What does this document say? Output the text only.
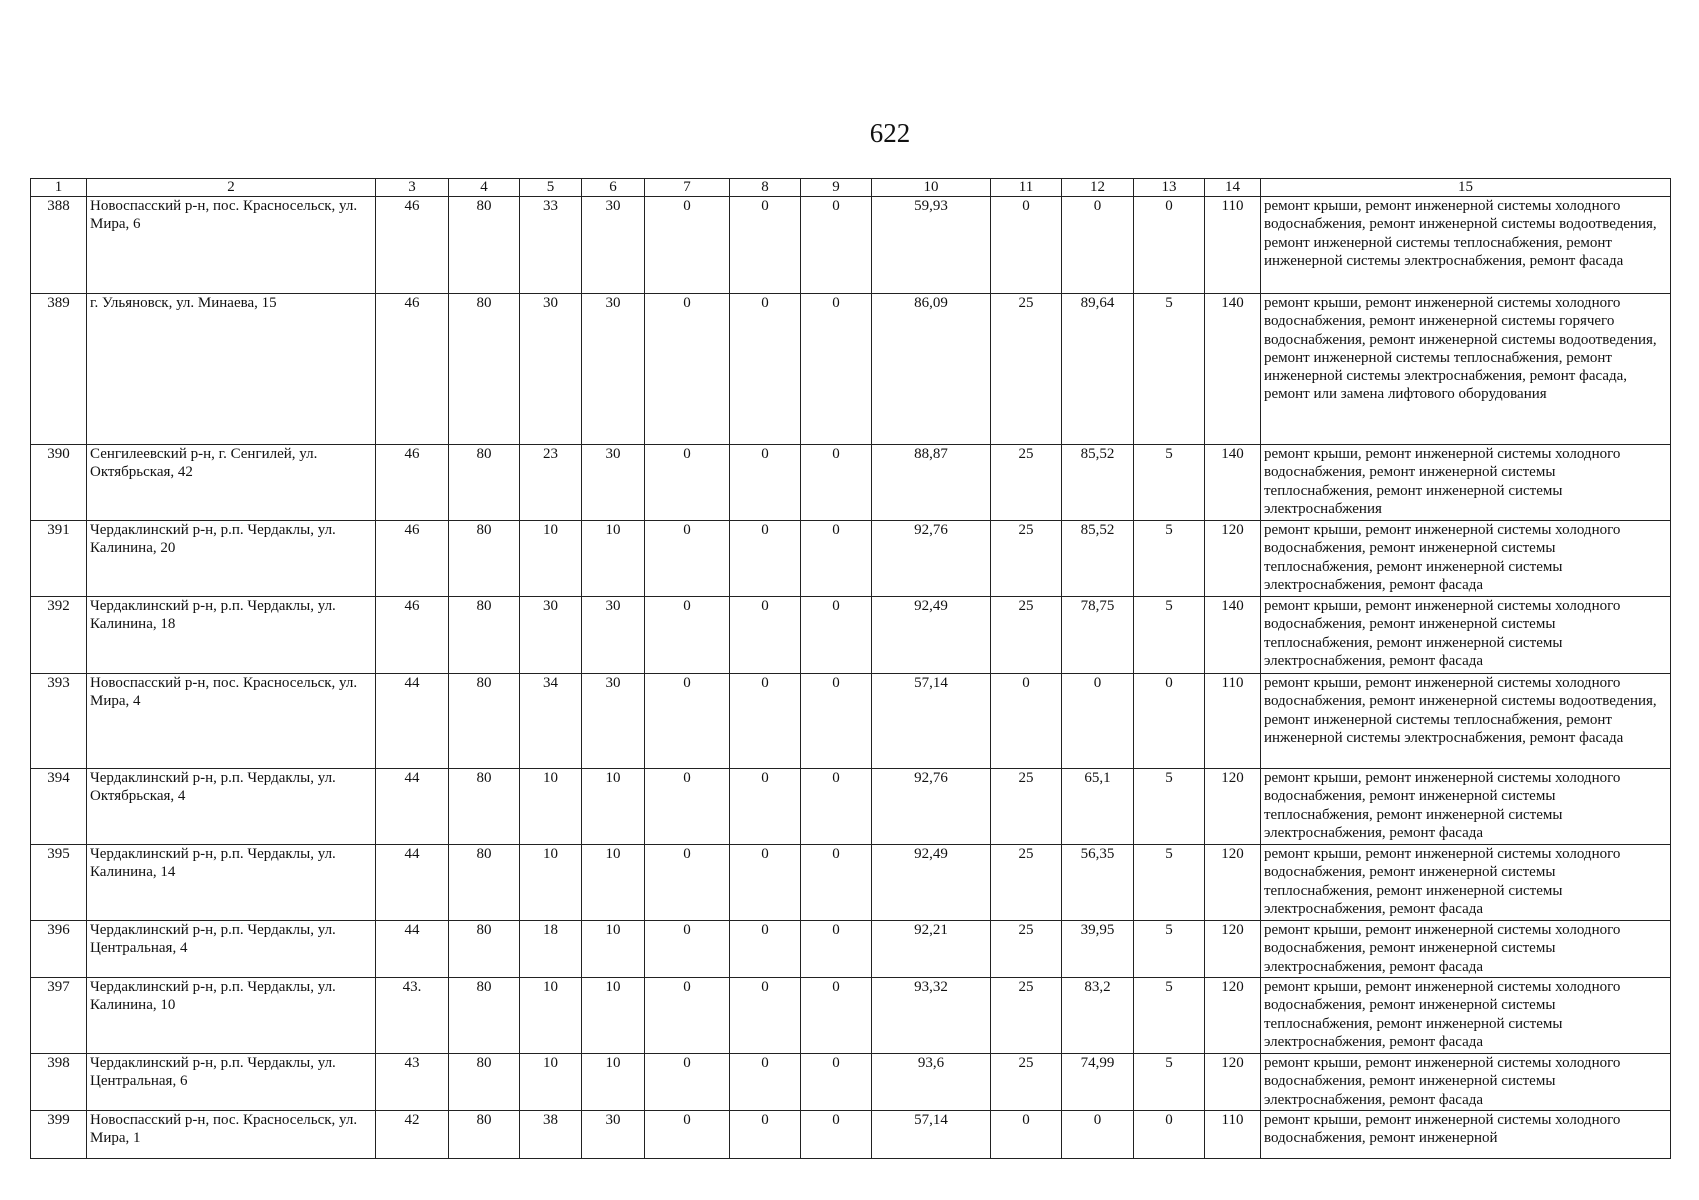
622
1	2	3	4	5	6	7	8	9	10	11	12	13	14	15
388	Новоспасский р-н, пос. Красносельск, ул. Мира, 6	46	80	33	30	0	0	0	59,93	0	0	0	110	ремонт крыши, ремонт инженерной системы холодного водоснабжения, ремонт инженерной системы водоотведения, ремонт инженерной системы теплоснабжения, ремонт инженерной системы электроснабжения, ремонт фасада
389	г. Ульяновск, ул. Минаева, 15	46	80	30	30	0	0	0	86,09	25	89,64	5	140	ремонт крыши, ремонт инженерной системы холодного водоснабжения, ремонт инженерной системы горячего водоснабжения, ремонт инженерной системы водоотведения, ремонт инженерной системы теплоснабжения, ремонт инженерной системы электроснабжения, ремонт фасада, ремонт или замена лифтового оборудования
390	Сенгилеевский р-н, г. Сенгилей, ул. Октябрьская, 42	46	80	23	30	0	0	0	88,87	25	85,52	5	140	ремонт крыши, ремонт инженерной системы холодного водоснабжения, ремонт инженерной системы теплоснабжения, ремонт инженерной системы электроснабжения
391	Чердаклинский р-н, р.п. Чердаклы, ул. Калинина, 20	46	80	10	10	0	0	0	92,76	25	85,52	5	120	ремонт крыши, ремонт инженерной системы холодного водоснабжения, ремонт инженерной системы теплоснабжения, ремонт инженерной системы электроснабжения, ремонт фасада
392	Чердаклинский р-н, р.п. Чердаклы, ул. Калинина, 18	46	80	30	30	0	0	0	92,49	25	78,75	5	140	ремонт крыши, ремонт инженерной системы холодного водоснабжения, ремонт инженерной системы теплоснабжения, ремонт инженерной системы электроснабжения, ремонт фасада
393	Новоспасский р-н, пос. Красносельск, ул. Мира, 4	44	80	34	30	0	0	0	57,14	0	0	0	110	ремонт крыши, ремонт инженерной системы холодного водоснабжения, ремонт инженерной системы водоотведения, ремонт инженерной системы теплоснабжения, ремонт инженерной системы электроснабжения, ремонт фасада
394	Чердаклинский р-н, р.п. Чердаклы, ул. Октябрьская, 4	44	80	10	10	0	0	0	92,76	25	65,1	5	120	ремонт крыши, ремонт инженерной системы холодного водоснабжения, ремонт инженерной системы теплоснабжения, ремонт инженерной системы электроснабжения, ремонт фасада
395	Чердаклинский р-н, р.п. Чердаклы, ул. Калинина, 14	44	80	10	10	0	0	0	92,49	25	56,35	5	120	ремонт крыши, ремонт инженерной системы холодного водоснабжения, ремонт инженерной системы теплоснабжения, ремонт инженерной системы электроснабжения, ремонт фасада
396	Чердаклинский р-н, р.п. Чердаклы, ул. Центральная, 4	44	80	18	10	0	0	0	92,21	25	39,95	5	120	ремонт крыши, ремонт инженерной системы холодного водоснабжения, ремонт инженерной системы электроснабжения, ремонт фасада
397	Чердаклинский р-н, р.п. Чердаклы, ул. Калинина, 10	43.	80	10	10	0	0	0	93,32	25	83,2	5	120	ремонт крыши, ремонт инженерной системы холодного водоснабжения, ремонт инженерной системы теплоснабжения, ремонт инженерной системы электроснабжения, ремонт фасада
398	Чердаклинский р-н, р.п. Чердаклы, ул. Центральная, 6	43	80	10	10	0	0	0	93,6	25	74,99	5	120	ремонт крыши, ремонт инженерной системы холодного водоснабжения, ремонт инженерной системы электроснабжения, ремонт фасада
399	Новоспасский р-н, пос. Красносельск, ул. Мира, 1	42	80	38	30	0	0	0	57,14	0	0	0	110	ремонт крыши, ремонт инженерной системы холодного водоснабжения, ремонт инженерной
